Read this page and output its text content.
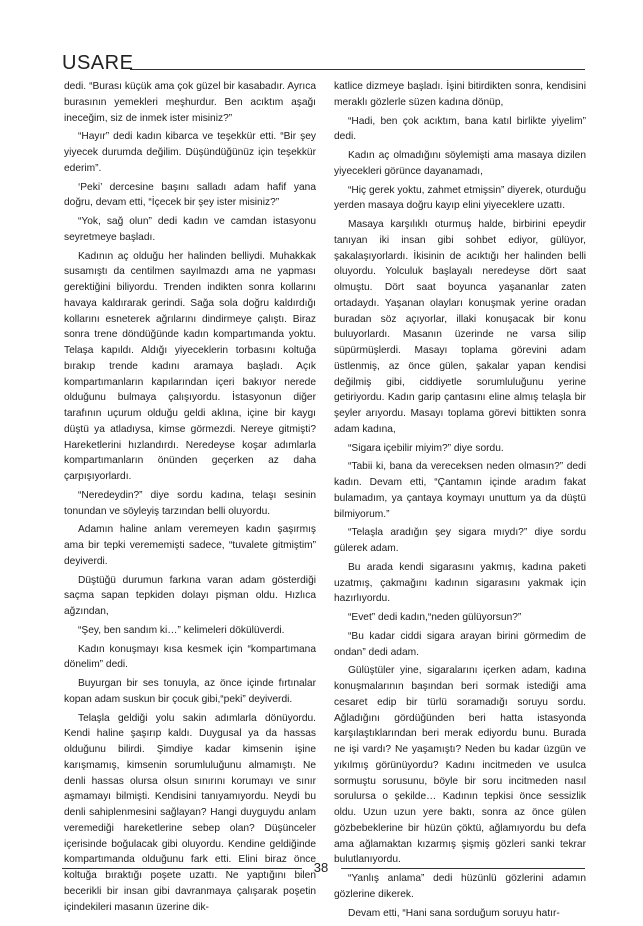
USARE

dedi. “Burası küçük ama çok güzel bir kasabadır. Ayrıca burasının yemekleri meşhurdur. Ben acıktım aşağı ineceğim, siz de inmek ister misiniz?”

“Hayır” dedi kadın kibarca ve teşekkür etti. “Bir şey yiyecek durumda değilim. Düşündüğünüz için teşekkür ederim”.

‘Peki’ dercesine başını salladı adam hafif yana doğru, devam etti, “İçecek bir şey ister misiniz?”

“Yok, sağ olun” dedi kadın ve camdan istasyonu seyretmeye başladı.

Kadının aç olduğu her halinden belliydi. Muhakkak susamıştı da centilmen sayılmazdı ama ne yapması gerektiğini biliyordu. Trenden indikten sonra kollarını havaya kaldırarak gerindi. Sağa sola doğru kaldırdığı kollarını esneterek ağrılarını dindirmeye çalıştı. Biraz sonra trene döndüğünde kadın kompartımanda yoktu. Telaşa kapıldı. Aldığı yiyeceklerin torbasını koltuğa bırakıp trende kadını aramaya başladı. Açık kompartımanların kapılarından içeri bakıyor nerede olduğunu bulmaya çalışıyordu. İstasyonun diğer tarafının uçurum olduğu geldi aklına, içine bir kaygı düştü ya atladıysa, kimse görmezdi. Nereye gitmişti? Hareketlerini hızlandırdı. Neredeyse koşar adımlarla kompartımanların önünden geçerken az daha çarpışıyorlardı.

“Neredeydin?” diye sordu kadına, telaşı sesinin tonundan ve söyleyiş tarzından belli oluyordu.

Adamın haline anlam veremeyen kadın şaşırmış ama bir tepki verememişti sadece, “tuvalete gitmiştim” deyiverdi.

Düştüğü durumun farkına varan adam gösterdiği saçma sapan tepkiden dolayı pişman oldu. Hızlıca ağzından,

“Şey, ben sandım ki…” kelimeleri dökülüverdi.

Kadın konuşmayı kısa kesmek için “kompartımana dönelim” dedi.

Buyurgan bir ses tonuyla, az önce içinde fırtınalar kopan adam suskun bir çocuk gibi,“peki” deyiverdi.

Telaşla geldiği yolu sakin adımlarla dönüyordu. Kendi haline şaşırıp kaldı. Duygusal ya da hassas olduğunu bilirdi. Şimdiye kadar kimsenin işine karışmamış, kimsenin sorumluluğunu almamıştı. Ne denli hassas olursa olsun sınırını korumayı ve sınır aşmamayı bilmişti. Kendisini tanıyamıyordu. Neydi bu denli sahiplenmesini sağlayan? Hangi duyguydu anlam veremediği hareketlerine sebep olan? Düşünceler içerisinde boğulacak gibi oluyordu. Kendine geldiğinde kompartımanda olduğunu fark etti. Elini biraz önce koltuğa bıraktığı poşete uzattı. Ne yaptığını bilen becerikli bir insan gibi davranmaya çalışarak poşetin içindekileri masanın üzerine dik-

katlice dizmeye başladı. İşini bitirdikten sonra, kendisini meraklı gözlerle süzen kadına dönüp,

“Hadi, ben çok acıktım, bana katıl birlikte yiyelim” dedi.

Kadın aç olmadığını söylemişti ama masaya dizilen yiyecekleri görünce dayanamadı,

“Hiç gerek yoktu, zahmet etmişsin” diyerek, oturduğu yerden masaya doğru kayıp elini yiyeceklere uzattı.

Masaya karşılıklı oturmuş halde, birbirini epeydir tanıyan iki insan gibi sohbet ediyor, gülüyor, şakalaşıyorlardı. İkisinin de acıktığı her halinden belli oluyordu. Yolculuk başlayalı neredeyse dört saat olmuştu. Dört saat boyunca yaşananlar zaten ortadaydı. Yaşanan olayları konuşmak yerine oradan buradan söz açıyorlar, illaki konuşacak bir konu buluyorlardı. Masanın üzerinde ne varsa silip süpürmüşlerdi. Masayı toplama görevini adam üstlenmiş, az önce gülen, şakalar yapan kendisi değilmiş gibi, ciddiyetle sorumluluğunu yerine getiriyordu. Kadın garip çantasını eline almış telaşla bir şeyler arıyordu. Masayı toplama görevi bittikten sonra adam kadına,

“Sigara içebilir miyim?” diye sordu.

“Tabii ki, bana da vereceksen neden olmasın?” dedi kadın. Devam etti, “Çantamın içinde aradım fakat bulamadım, ya çantaya koymayı unuttum ya da düştü bilmiyorum.”

“Telaşla aradığın şey sigara mıydı?” diye sordu gülerek adam.

Bu arada kendi sigarasını yakmış, kadına paketi uzatmış, çakmağını kadının sigarasını yakmak için hazırlıyordu.

“Evet” dedi kadın,“neden gülüyorsun?”

“Bu kadar ciddi sigara arayan birini görmedim de ondan” dedi adam.

Gülüştüler yine, sigaralarını içerken adam, kadına konuşmalarının başından beri sormak istediği ama cesaret edip bir türlü soramadığı soruyu sordu. Ağladığını gördüğünden beri hatta istasyonda karşılaştıklarından beri merak ediyordu bunu. Burada ne işi vardı? Ne yaşamıştı? Neden bu kadar üzgün ve yıkılmış görünüyordu? Kadını incitmeden ve usulca sormuştu sorusunu, böyle bir soru incitmeden nasıl sorulursa o şekilde… Kadının tepkisi önce sessizlik oldu. Uzun uzun yere baktı, sonra az önce gülen gözbebeklerine bir hüzün çöktü, ağlamıyordu bu defa ama ağlamaktan kızarmış şişmiş gözleri sanki tekrar bulutlanıyordu.

“Yanlış anlama” dedi hüzünlü gözlerini adamın gözlerine dikerek.

Devam etti, “Hani sana sorduğum soruyu hatır-

38
